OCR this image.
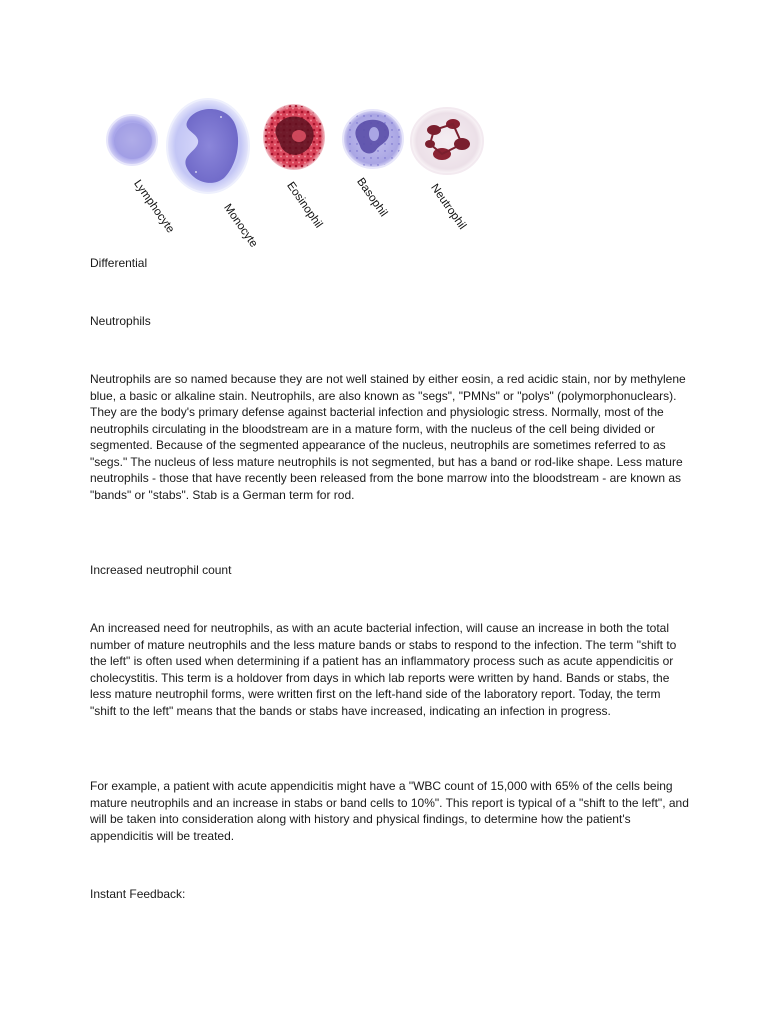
Lymphocyte	Monocyte Eosinophil	Basophil	Neutrophil
Differential
Neutrophils

Neutrophils are so named because they are not well stained by either eosin, a red acidic stain, nor by methylene blue, a basic or alkaline stain. Neutrophils, are also known as "segs", "PMNs" or "polys" (polymorphonuclears). They are the body's primary defense against bacterial infection and physiologic stress. Normally, most of the neutrophils circulating in the bloodstream are in a mature form, with the nucleus of the cell being divided or segmented. Because of the segmented appearance of the nucleus, neutrophils are sometimes referred to as "segs." The nucleus of less mature neutrophils is not segmented, but has a band or rod-like shape. Less mature neutrophils - those that have recently been released from the bone marrow into the bloodstream - are known as "bands" or "stabs". Stab is a German term for rod.

Increased neutrophil count

An increased need for neutrophils, as with an acute bacterial infection, will cause an increase in both the total number of mature neutrophils and the less mature bands or stabs to respond to the infection. The term "shift to the left" is often used when determining if a patient has an inflammatory process such as acute appendicitis or cholecystitis. This term is a holdover from days in which lab reports were written by hand. Bands or stabs, the less mature neutrophil forms, were written first on the left-hand side of the laboratory report. Today, the term "shift to the left" means that the bands or stabs have increased, indicating an infection in progress.

For example, a patient with acute appendicitis might have a "WBC count of 15,000 with 65% of the cells being mature neutrophils and an increase in stabs or band cells to 10%". This report is typical of a "shift to the left", and will be taken into consideration along with history and physical findings, to determine how the patient's appendicitis will be treated.

Instant Feedback:
